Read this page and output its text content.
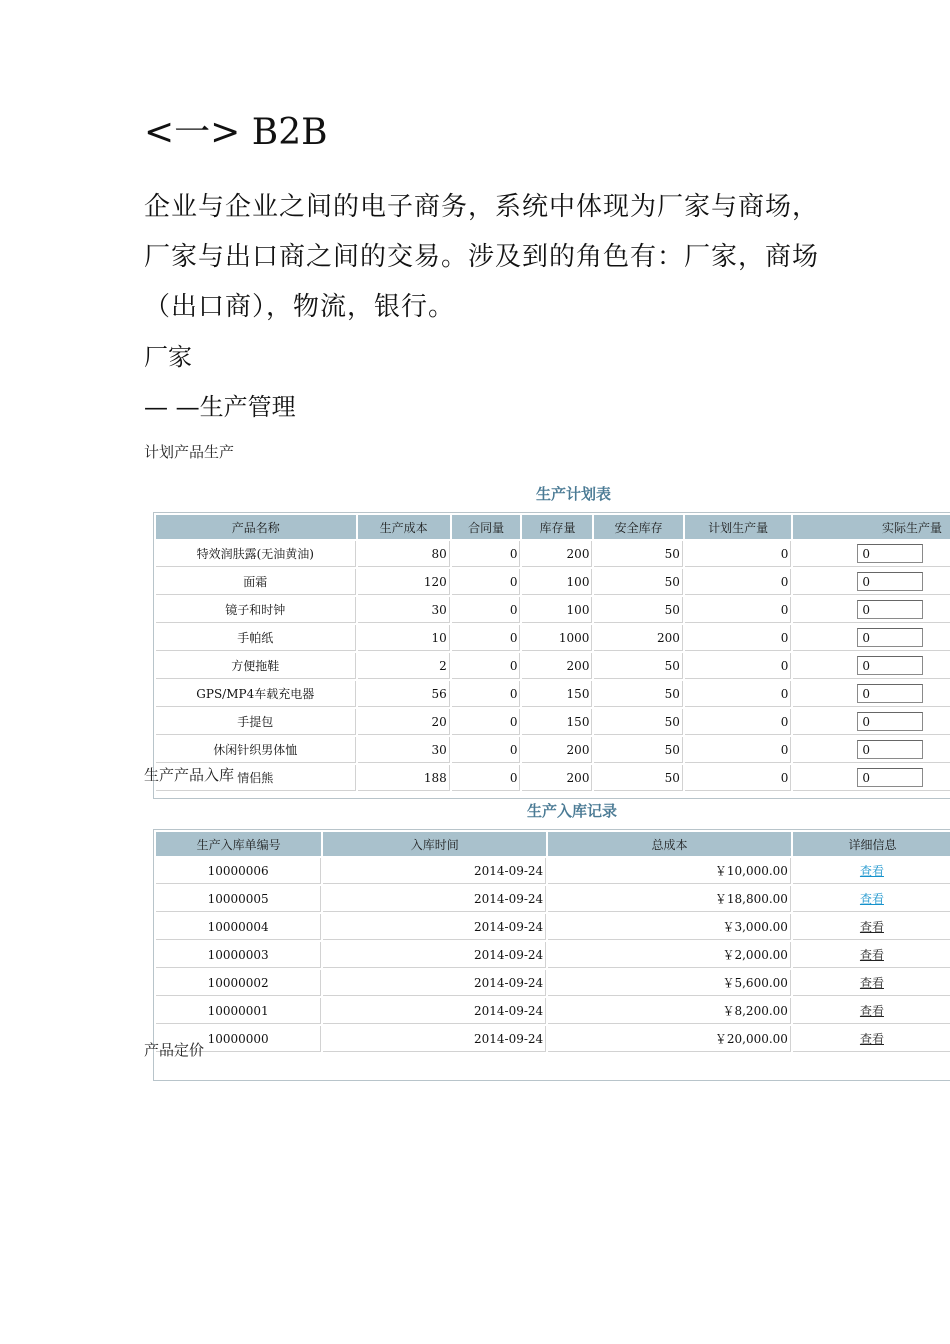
<一> B2B
企业与企业之间的电子商务，系统中体现为厂家与商场，厂家与出口商之间的交易。涉及到的角色有：厂家，商场（出口商），物流，银行。
厂家
— —生产管理
生产计划表
产品名称	生产成本	合同量	库存量	安全库存	计划生产量	实际生产量
特效润肤露(无油黄油)	80	0	200	50	0	0
面霜	120	0	100	50	0	0
镜子和时钟	30	0	100	50	0	0
手帕纸	10	0	1000	200	0	0
方便拖鞋	2	0	200	50	0	0
GPS/MP4车载充电器	56	0	150	50	0	0
手提包	20	0	150	50	0	0
休闲针织男体恤	30	0	200	50	0	0
情侣熊	188	0	200	50	0	0
生产产品入库
生产入库记录
生产入库单编号	入库时间	总成本	详细信息
10000006	2014-09-24	￥10,000.00	查看
10000005	2014-09-24	￥18,800.00	查看
10000004	2014-09-24	￥3,000.00	查看
10000003	2014-09-24	￥2,000.00	查看
10000002	2014-09-24	￥5,600.00	查看
10000001	2014-09-24	￥8,200.00	查看
10000000	2014-09-24	￥20,000.00	查看
计划产品生产
产品定价
